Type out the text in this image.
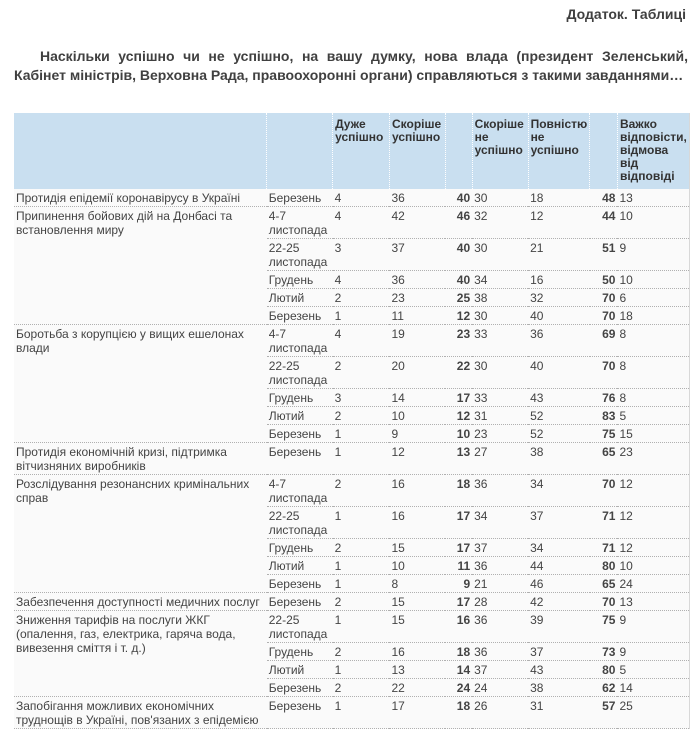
Додаток. Таблиці

Наскільки успішно чи не успішно, на вашу думку, нова влада (президент Зеленський, Кабінет міністрів, Верховна Рада, правоохоронні органи) справляються з такими завданнями…

		Дуже успішно	Скоріше успішно		Скоріше не успішно	Повністю не успішно		Важко відповісти, відмова від відповіді
Протидія епідемії коронавірусу в Україні	Березень	4	36	40	30	18	48	13
Припинення бойових дій на Донбасі та встановлення миру	4-7 листопада	4	42	46	32	12	44	10
	22-25 листопада	3	37	40	30	21	51	9
	Грудень	4	36	40	34	16	50	10
	Лютий	2	23	25	38	32	70	6
	Березень	1	11	12	30	40	70	18
Боротьба з корупцією у вищих ешелонах влади	4-7 листопада	4	19	23	33	36	69	8
	22-25 листопада	2	20	22	30	40	70	8
	Грудень	3	14	17	33	43	76	8
	Лютий	2	10	12	31	52	83	5
	Березень	1	9	10	23	52	75	15
Протидія економічній кризі, підтримка вітчизняних виробників	Березень	1	12	13	27	38	65	23
Розслідування резонансних кримінальних справ	4-7 листопада	2	16	18	36	34	70	12
	22-25 листопада	1	16	17	34	37	71	12
	Грудень	2	15	17	37	34	71	12
	Лютий	1	10	11	36	44	80	10
	Березень	1	8	9	21	46	65	24
Забезпечення доступності медичних послуг	Березень	2	15	17	28	42	70	13
Зниження тарифів на послуги ЖКГ (опалення, газ, електрика, гаряча вода, вивезення сміття і т. д.)	22-25 листопада	1	15	16	36	39	75	9
	Грудень	2	16	18	36	37	73	9
	Лютий	1	13	14	37	43	80	5
	Березень	2	22	24	24	38	62	14
Запобігання можливих економічних труднощів в Україні, пов'язаних з епідемією	Березень	1	17	18	26	31	57	25
